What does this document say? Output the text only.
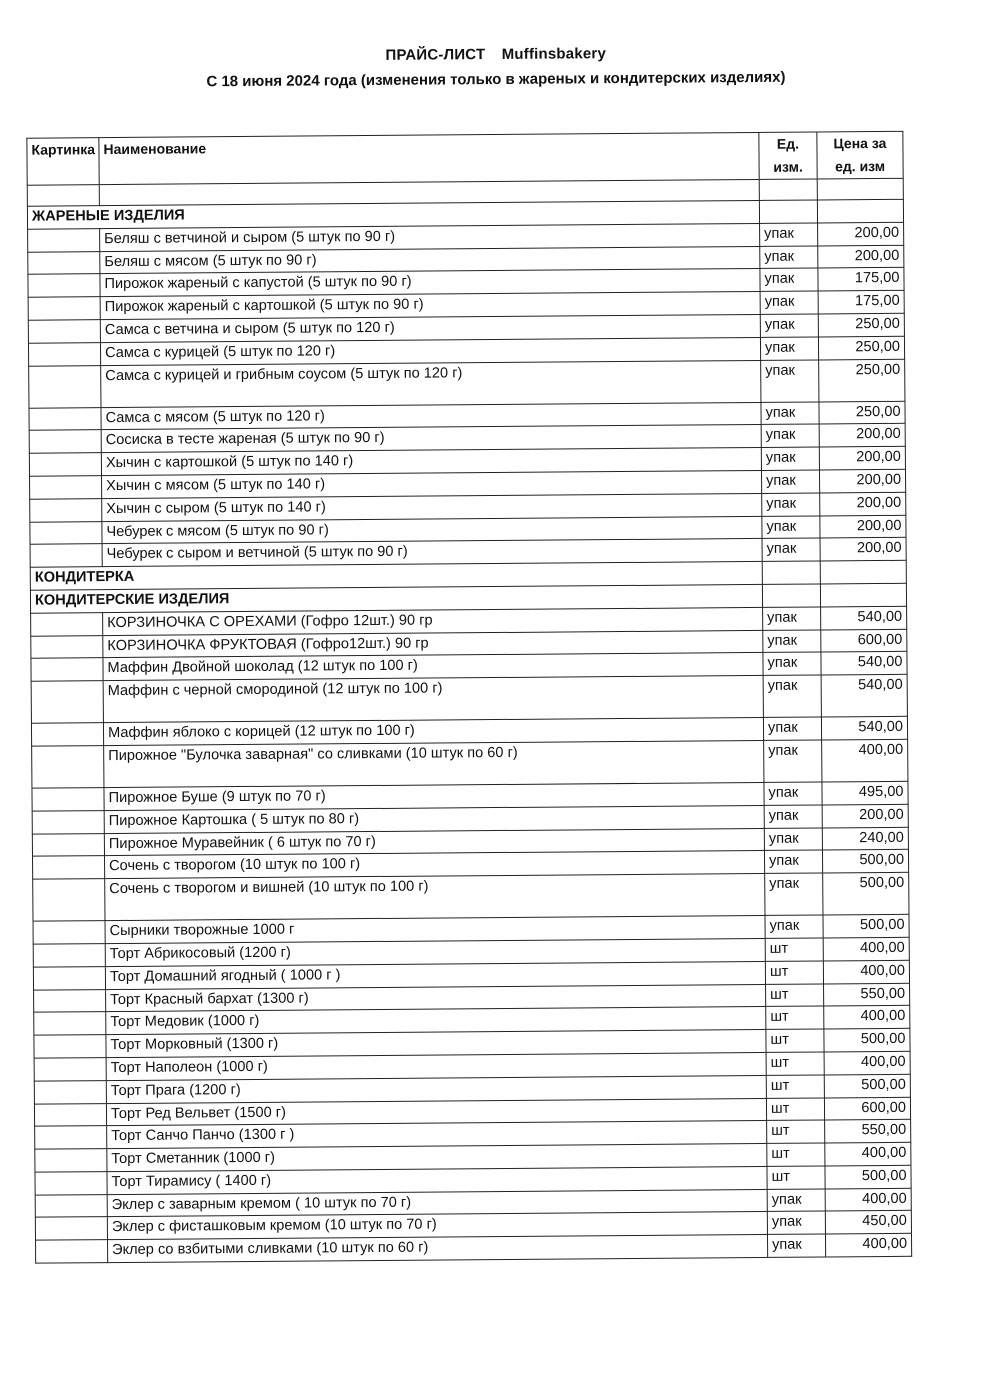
ПРАЙС-ЛИСТ Muffinsbakery
С 18 июня 2024 года (изменения только в жареных и кондитерских изделиях)
Картинка	Наименование	Ед. изм.	Цена за ед. изм

ЖАРЕНЫЕ ИЗДЕЛИЯ			
	Беляш с ветчиной и сыром (5 штук по 90 г)	упак	200,00
	Беляш с мясом (5 штук по 90 г)	упак	200,00
	Пирожок жареный с капустой (5 штук по 90 г)	упак	175,00
	Пирожок жареный с картошкой (5 штук по 90 г)	упак	175,00
	Самса с ветчина и сыром (5 штук по 120 г)	упак	250,00
	Самса с курицей (5 штук по 120 г)	упак	250,00
	Самса с курицей и грибным соусом (5 штук по 120 г)	упак	250,00
	Самса с мясом (5 штук по 120 г)	упак	250,00
	Сосиска в тесте жареная (5 штук по 90 г)	упак	200,00
	Хычин с картошкой (5 штук по 140 г)	упак	200,00
	Хычин с мясом (5 штук по 140 г)	упак	200,00
	Хычин с сыром (5 штук по 140 г)	упак	200,00
	Чебурек с мясом (5 штук по 90 г)	упак	200,00
	Чебурек с сыром и ветчиной (5 штук по 90 г)	упак	200,00
КОНДИТЕРКА			
КОНДИТЕРСКИЕ ИЗДЕЛИЯ			
	КОРЗИНОЧКА С ОРЕХАМИ (Гофро 12шт.) 90 гр	упак	540,00
	КОРЗИНОЧКА ФРУКТОВАЯ (Гофро12шт.) 90 гр	упак	600,00
	Маффин Двойной шоколад (12 штук по 100 г)	упак	540,00
	Маффин с черной смородиной (12 штук по 100 г)	упак	540,00
	Маффин яблоко с корицей (12 штук по 100 г)	упак	540,00
	Пирожное "Булочка заварная" со сливками (10 штук по 60 г)	упак	400,00
	Пирожное Буше (9 штук по 70 г)	упак	495,00
	Пирожное Картошка ( 5 штук по 80 г)	упак	200,00
	Пирожное Муравейник ( 6 штук по 70 г)	упак	240,00
	Сочень с творогом (10 штук по 100 г)	упак	500,00
	Сочень с творогом и вишней (10 штук по 100 г)	упак	500,00
	Сырники творожные 1000 г	упак	500,00
	Торт Абрикосовый (1200 г)	шт	400,00
	Торт Домашний ягодный ( 1000 г )	шт	400,00
	Торт Красный бархат (1300 г)	шт	550,00
	Торт Медовик (1000 г)	шт	400,00
	Торт Морковный (1300 г)	шт	500,00
	Торт Наполеон (1000 г)	шт	400,00
	Торт Прага (1200 г)	шт	500,00
	Торт Ред Вельвет (1500 г)	шт	600,00
	Торт Санчо Панчо (1300 г )	шт	550,00
	Торт Сметанник (1000 г)	шт	400,00
	Торт Тирамису ( 1400 г)	шт	500,00
	Эклер с заварным кремом ( 10 штук по 70 г)	упак	400,00
	Эклер с фисташковым кремом (10 штук по 70 г)	упак	450,00
	Эклер со взбитыми сливками (10 штук по 60 г)	упак	400,00
